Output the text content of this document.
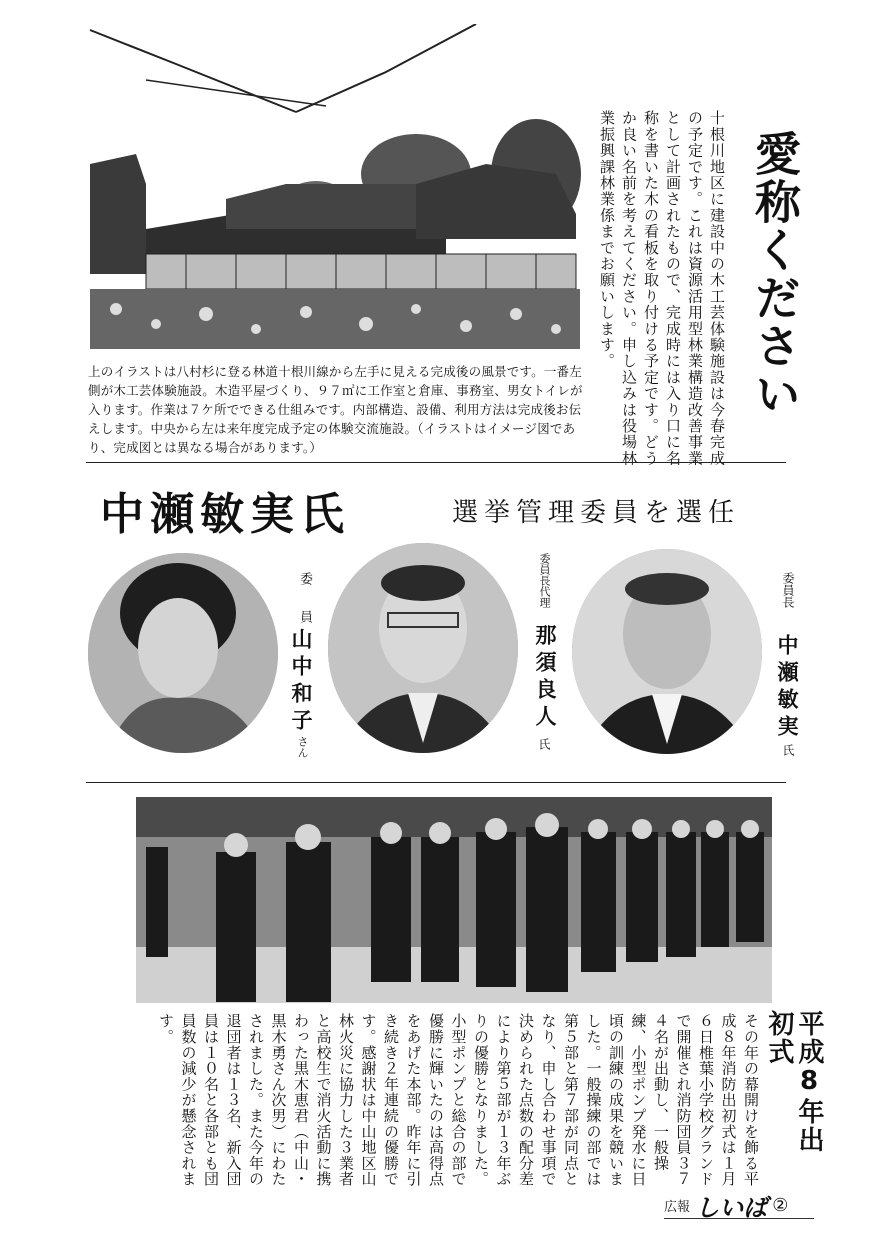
上のイラストは八村杉に登る林道十根川線から左手に見える完成後の風景です。一番左側が木工芸体験施設。木造平屋づくり、９７㎡に工作室と倉庫、事務室、男女トイレが入ります。作業は７ケ所でできる仕組みです。内部構造、設備、利用方法は完成後お伝えします。中央から左は来年度完成予定の体験交流施設。（イラストはイメージ図であり、完成図とは異なる場合があります。）	十根川地区に建設中の木工芸体験施設は今春完成の予定です。これは資源活用型林業構造改善事業として計画されたもので、完成時には入り口に名称を書いた木の看板を取り付ける予定です。どうか良い名前を考えてください。申し込みは役場林業振興課林業係までお願いします。	愛称ください
中瀬敏実氏	選挙管理委員を選任
委　員
山中和子
さん
委員長代理
那須良人
氏
委員長
中瀬敏実
氏
平成8年出初式
その年の幕開けを飾る平成８年消防出初式は１月６日椎葉小学校グランドで開催され消防団員３７４名が出動し、一般操練、小型ポンプ発水に日頃の訓練の成果を競いました。一般操練の部では第５部と第７部が同点となり、申し合わせ事項で決められた点数の配分差により第５部が１３年ぶりの優勝となりました。小型ポンプと総合の部で優勝に輝いたのは高得点をあげた本部。昨年に引き続き２年連続の優勝です。感謝状は中山地区山林火災に協力した３業者と高校生で消火活動に携わった黒木恵君（中山・黒木勇さん次男）にわたされました。また今年の退団者は１３名、新入団員は１０名と各部とも団員数の減少が懸念されます。
広報 しいば ②
